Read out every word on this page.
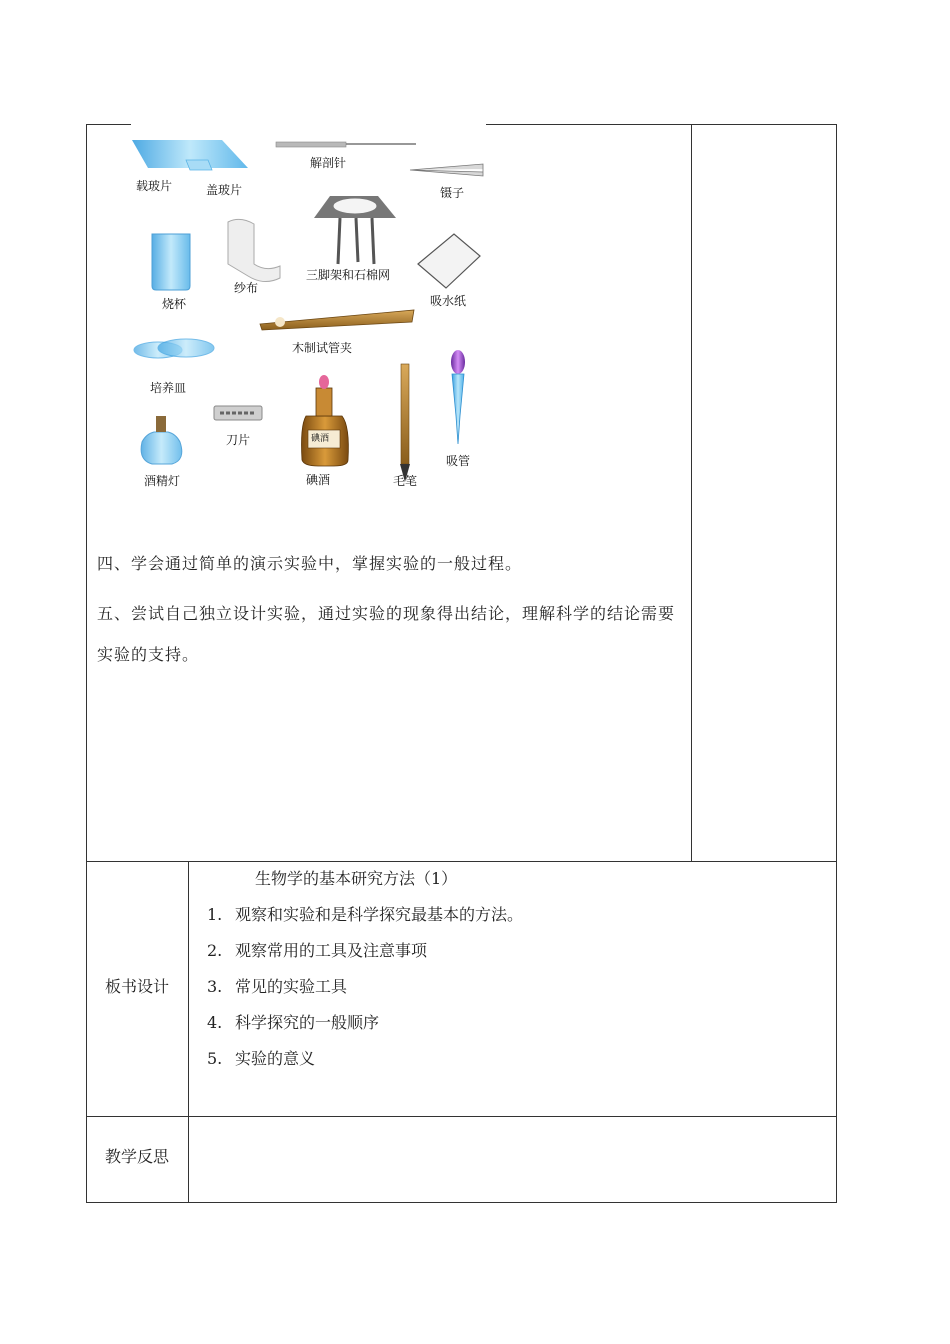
载玻片	盖玻片
解剖针
镊子
烧杯
纱布
三脚架和石棉网
吸水纸
木制试管夹
培养皿
刀片
酒精灯	碘酒
碘酒
毛笔
吸管
四、学会通过简单的演示实验中，掌握实验的一般过程。
五、尝试自己独立设计实验，通过实验的现象得出结论，理解科学的结论需要
实验的支持。
板书设计
生物学的基本研究方法（1）
1. 观察和实验和是科学探究最基本的方法。
2. 观察常用的工具及注意事项
3. 常见的实验工具
4. 科学探究的一般顺序
5. 实验的意义
教学反思
